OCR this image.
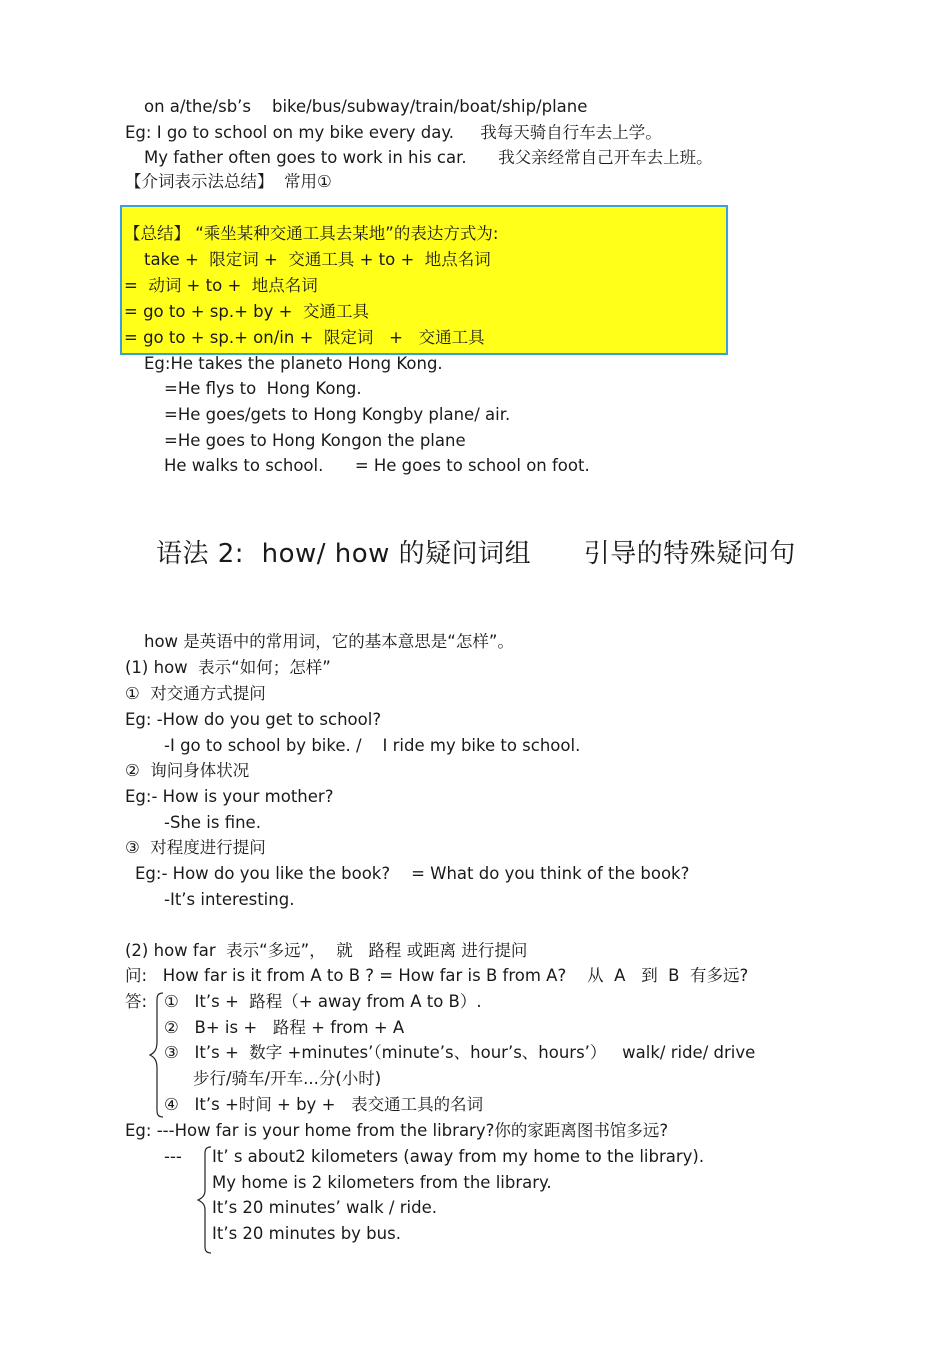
on a/the/sb’s    bike/bus/subway/train/boat/ship/plane
Eg: I go to school on my bike every day.     我每天骑自行车去上学。
My father often goes to work in his car.      我父亲经常自己开车去上班。
【介词表示法总结】  常用①
【总结】 “乘坐某种交通工具去某地”的表达方式为:
take +  限定词 +  交通工具 + to +  地点名词
=  动词 + to +  地点名词
= go to + sp.+ by +  交通工具
= go to + sp.+ on/in +  限定词   +   交通工具
Eg:He takes the planeto Hong Kong.
=He flys to  Hong Kong.
=He goes/gets to Hong Kongby plane/ air.
=He goes to Hong Kongon the plane
He walks to school.      = He goes to school on foot.
语法 2:  how/ how 的疑问词组      引导的特殊疑问句
how 是英语中的常用词，它的基本意思是“怎样”。
(1) how  表示“如何；怎样”
①  对交通方式提问
Eg: -How do you get to school?
-I go to school by bike. /    I ride my bike to school.
②  询问身体状况
Eg:- How is your mother?
-She is fine.
③  对程度进行提问
Eg:- How do you like the book?    = What do you think of the book?
-It’s interesting.
(2) how far  表示“多远”，  就   路程 或距离 进行提问
问:   How far is it from A to B ? = How far is B from A?    从  A   到  B  有多远?
答: ①   It’s +  路程（+ away from A to B）.
②   B+ is +   路程 + from + A
③   It’s +  数字 +minutes’（minute’s、hour’s、hours’）   walk/ ride/ drive
步行/骑车/开车...分(小时)
④   It’s +时间 + by +   表交通工具的名词
Eg: ---How far is your home from the library?你的家距离图书馆多远?
--- It’ s about2 kilometers (away from my home to the library).
My home is 2 kilometers from the library.
It’s 20 minutes’ walk / ride.
It’s 20 minutes by bus.
